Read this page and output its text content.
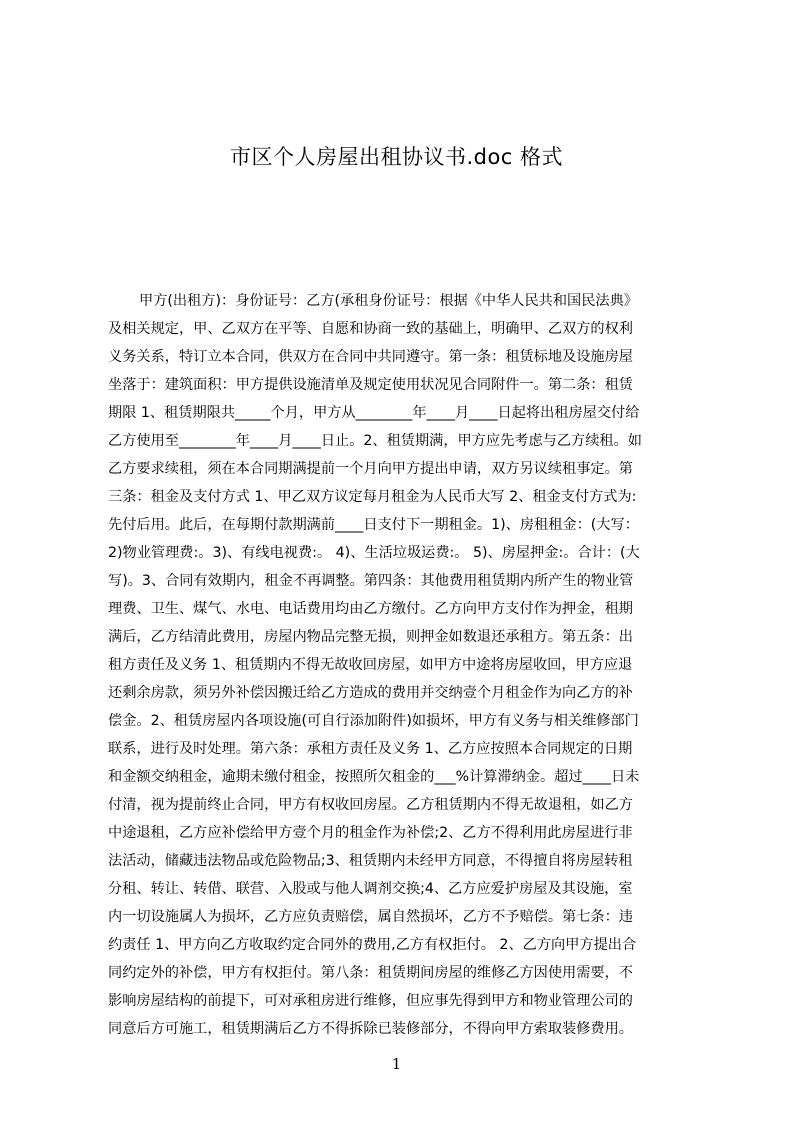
市区个人房屋出租协议书.doc 格式
甲方(出租方)：身份证号：乙方(承租身份证号：根据《中华人民共和国民法典》
及相关规定，甲、乙双方在平等、自愿和协商一致的基础上，明确甲、乙双方的权利
义务关系，特订立本合同，供双方在合同中共同遵守。第一条：租赁标地及设施房屋
坐落于：建筑面积：甲方提供设施清单及规定使用状况见合同附件一。第二条：租赁
期限 1、租赁期限共_____个月，甲方从________年____月____日起将出租房屋交付给
乙方使用至________年____月____日止。2、租赁期满，甲方应先考虑与乙方续租。如
乙方要求续租，须在本合同期满提前一个月向甲方提出申请，双方另议续租事定。第
三条：租金及支付方式 1、甲乙双方议定每月租金为人民币大写 2、租金支付方式为:
先付后用。此后，在每期付款期满前____日支付下一期租金。1)、房租租金：(大写：
2)物业管理费:。3)、有线电视费:。 4)、生活垃圾运费:。 5)、房屋押金:。合计：(大
写)。3、合同有效期内，租金不再调整。第四条：其他费用租赁期内所产生的物业管
理费、卫生、煤气、水电、电话费用均由乙方缴付。乙方向甲方支付作为押金，租期
满后，乙方结清此费用，房屋内物品完整无损，则押金如数退还承租方。第五条：出
租方责任及义务 1、租赁期内不得无故收回房屋，如甲方中途将房屋收回，甲方应退
还剩余房款，须另外补偿因搬迁给乙方造成的费用并交纳壹个月租金作为向乙方的补
偿金。2、租赁房屋内各项设施(可自行添加附件)如损坏，甲方有义务与相关维修部门
联系，进行及时处理。第六条：承租方责任及义务 1、乙方应按照本合同规定的日期
和金额交纳租金，逾期未缴付租金，按照所欠租金的___%计算滞纳金。超过____日未
付清，视为提前终止合同，甲方有权收回房屋。乙方租赁期内不得无故退租，如乙方
中途退租，乙方应补偿给甲方壹个月的租金作为补偿;2、乙方不得利用此房屋进行非
法活动，储藏违法物品或危险物品;3、租赁期内未经甲方同意，不得擅自将房屋转租
分租、转让、转借、联营、入股或与他人调剂交换;4、乙方应爱护房屋及其设施，室
内一切设施属人为损坏，乙方应负责赔偿，属自然损坏，乙方不予赔偿。第七条：违
约责任 1、甲方向乙方收取约定合同外的费用,乙方有权拒付。 2、乙方向甲方提出合
同约定外的补偿，甲方有权拒付。第八条：租赁期间房屋的维修乙方因使用需要，不
影响房屋结构的前提下，可对承租房进行维修，但应事先得到甲方和物业管理公司的
同意后方可施工，租赁期满后乙方不得拆除已装修部分，不得向甲方索取装修费用。
1
